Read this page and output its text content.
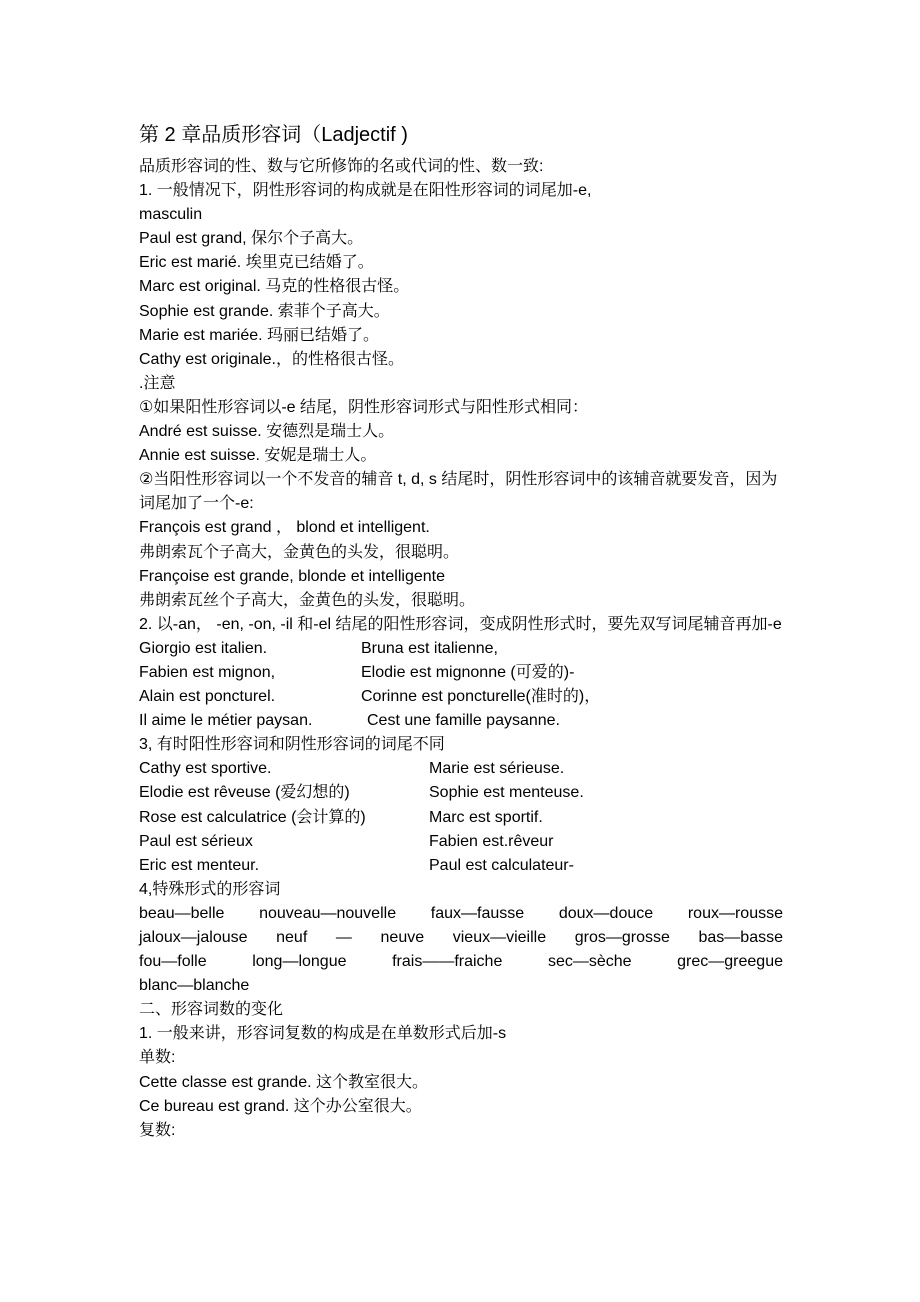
第 2 章品质形容词（Ladjectif )
品质形容词的性、数与它所修饰的名或代词的性、数一致:
1. 一般情况下，阴性形容词的构成就是在阳性形容词的词尾加-e,
masculin
Paul est grand, 保尔个子高大。
Eric est marié. 埃里克已结婚了。
Marc est original. 马克的性格很古怪。
Sophie est grande. 索菲个子高大。
Marie est mariée. 玛丽已结婚了。
Cathy est originale.，的性格很古怪。
.注意
①如果阳性形容词以-e 结尾，阴性形容词形式与阳性形式相同：
André est suisse. 安德烈是瑞士人。
Annie est suisse. 安妮是瑞士人。
②当阳性形容词以一个不发音的辅音 t, d, s 结尾时，阴性形容词中的该辅音就要发音，因为词尾加了一个-e:
François est grand ， blond et intelligent.
弗朗索瓦个子高大，金黄色的头发，很聪明。
Françoise est grande, blonde et intelligente
弗朗索瓦丝个子高大，金黄色的头发，很聪明。
2. 以-an， -en, -on, -il 和-el 结尾的阳性形容词，变成阴性形式时，要先双写词尾辅音再加-e
Giorgio est italien.	Bruna est italienne,
Fabien est mignon,	Elodie est mignonne (可爱的)-
Alain est poncturel.	Corinne est poncturelle(准时的)，
Il aime le métier paysan.	Cest une famille paysanne.
3, 有时阳性形容词和阴性形容词的词尾不同
Cathy est sportive.	Marie est sérieuse.
Elodie est rêveuse (爱幻想的)	Sophie est menteuse.
Rose est calculatrice (会计算的)	Marc est sportif.
Paul est sérieux	Fabien est.rêveur
Eric est menteur.	Paul est calculateur-
4,特殊形式的形容词
beau—belle nouveau—nouvelle faux—fausse doux—douce roux—rousse
jaloux—jalouse neuf — neuve vieux—vieille gros—grosse bas—basse
fou—folle long—longue frais——fraiche sec—sèche grec—greegue
blanc—blanche
二、形容词数的变化
1. 一般来讲，形容词复数的构成是在单数形式后加-s
单数:
Cette classe est grande. 这个教室很大。
Ce bureau est grand. 这个办公室很大。
复数:
